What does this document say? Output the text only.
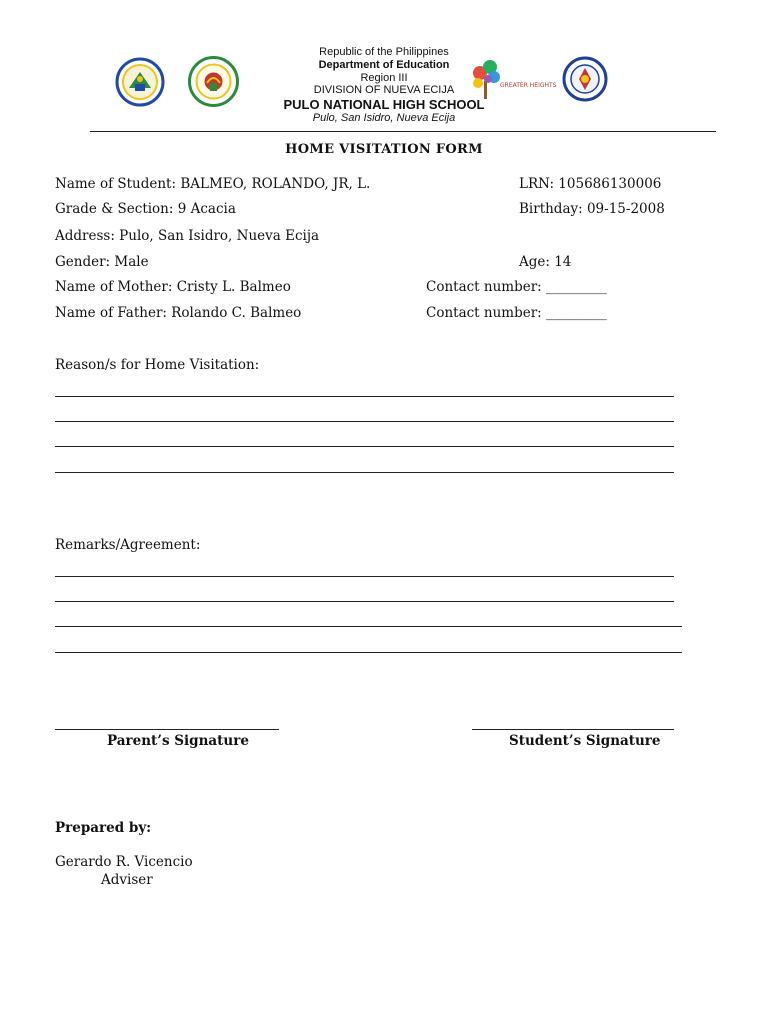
GREATER HEIGHTS
Republic of the Philippines
Department of Education
Region III
DIVISION OF NUEVA ECIJA
PULO NATIONAL HIGH SCHOOL
Pulo, San Isidro, Nueva Ecija
HOME VISITATION FORM
Name of Student: BALMEO, ROLANDO, JR, L.	LRN: 105686130006
Grade & Section: 9 Acacia	Birthday: 09-15-2008
Address: Pulo, San Isidro, Nueva Ecija
Gender: Male	Age: 14
Name of Mother: Cristy L. Balmeo	Contact number: _________
Name of Father: Rolando C. Balmeo	Contact number: _________
Reason/s for Home Visitation:
Remarks/Agreement:
Parent’s Signature	Student’s Signature
Prepared by:
Gerardo R. Vicencio
Adviser
